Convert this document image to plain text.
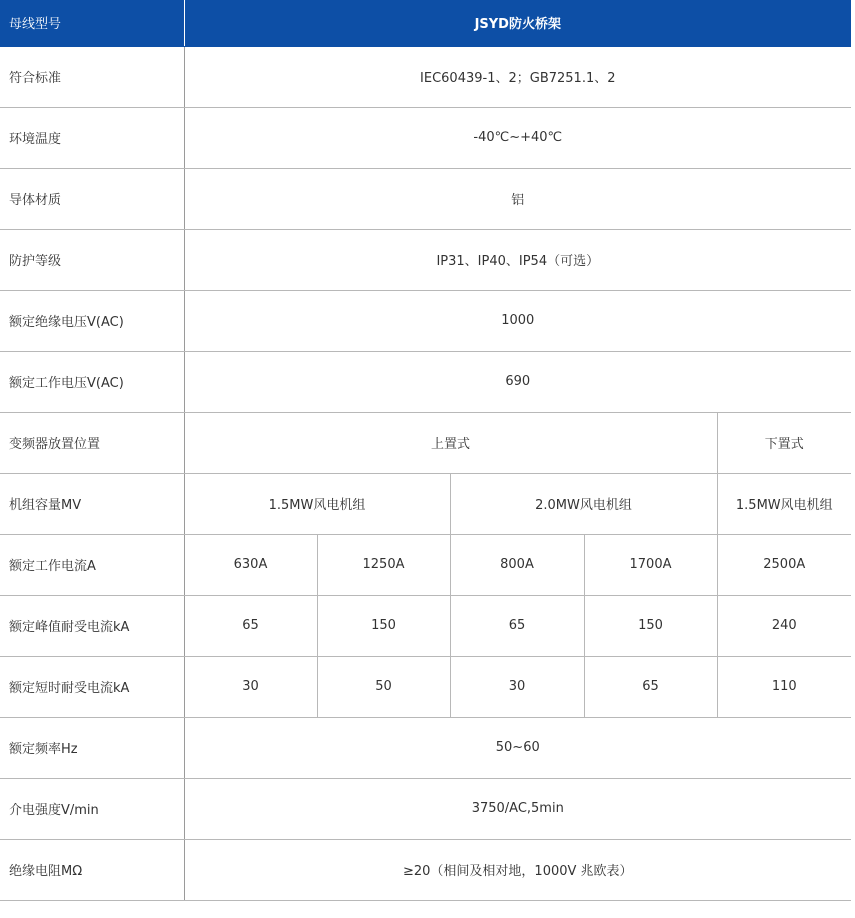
母线型号	JSYD防火桥架				
符合标准	IEC60439-1、2；GB7251.1、2				
环境温度	-40℃~+40℃				
导体材质	铝				
防护等级	IP31、IP40、IP54（可选）				
额定绝缘电压V(AC)	1000				
额定工作电压V(AC)	690				
变频器放置位置	上置式				下置式
机组容量MV	1.5MW风电机组		2.0MW风电机组		1.5MW风电机组
额定工作电流A	630A	1250A	800A	1700A	2500A
额定峰值耐受电流kA	65	150	65	150	240
额定短时耐受电流kA	30	50	30	65	110
额定频率Hz	50~60				
介电强度V/min	3750/AC,5min				
绝缘电阻MΩ	≥20（相间及相对地，1000V 兆欧表）				
